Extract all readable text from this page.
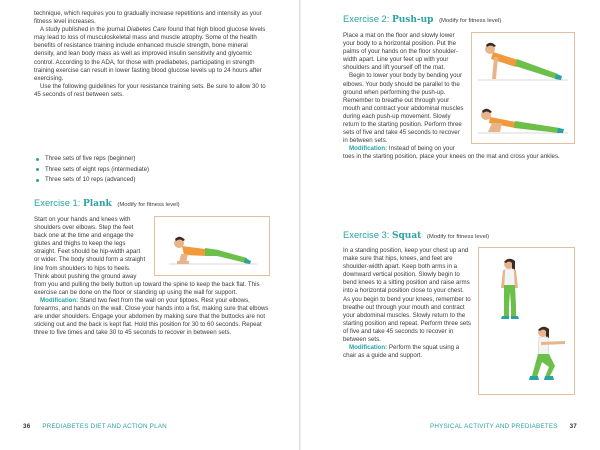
technique, which requires you to gradually increase repetitions and intensity as your fitness level increases.

A study published in the journal Diabetes Care found that high blood glucose levels may lead to loss of musculoskeletal mass and muscle atrophy. Some of the health benefits of resistance training include enhanced muscle strength, bone mineral density, and lean body mass as well as improved insulin sensitivity and glycemic control. According to the ADA, for those with prediabetes, participating in strength training exercise can result in lower fasting blood glucose levels up to 24 hours after exercising.

Use the following guidelines for your resistance training sets. Be sure to allow 30 to 45 seconds of rest between sets.

Three sets of five reps (beginner)
Three sets of eight reps (intermediate)
Three sets of 10 reps (advanced)
Exercise 1: Plank (Modify for fitness level)

Start on your hands and knees with shoulders over elbows. Step the feet back one at the time and engage the glutes and thighs to keep the legs straight. Feet should be hip-width apart or wider. The body should form a straight line from shoulders to hips to heels. Think about pushing the ground away from you and pulling the belly button up toward the spine to keep the back flat. This exercise can be done on the floor or standing up using the wall for support.

Modification: Stand two feet from the wall on your tiptoes. Rest your elbows, forearms, and hands on the wall. Close your hands into a fist, making sure that elbows are under shoulders. Engage your abdomen by making sure that the buttocks are not sticking out and the back is kept flat. Hold this position for 30 to 60 seconds. Repeat three to five times and take 30 to 45 seconds to recover in between sets.

36 PREDIABETES DIET AND ACTION PLAN
Exercise 2: Push-up (Modify for fitness level)

Place a mat on the floor and slowly lower your body to a horizontal position. Put the palms of your hands on the floor shoulder-width apart. Line your feet up with your shoulders and lift yourself off the mat.

Begin to lower your body by bending your elbows. Your body should be parallel to the ground when performing the push-up. Remember to breathe out through your mouth and contract your abdominal muscles during each push-up movement. Slowly return to the starting position. Perform three sets of five and take 45 seconds to recover in between sets.

Modification: Instead of being on your toes in the starting position, place your knees on the mat and cross your ankles.

Exercise 3: Squat (Modify for fitness level)

In a standing position, keep your chest up and make sure that hips, knees, and feet are shoulder-width apart. Keep both arms in a downward vertical position. Slowly begin to bend knees to a sitting position and raise arms into a horizontal position close to your chest. As you begin to bend your knees, remember to breathe out through your mouth and contract your abdominal muscles. Slowly return to the starting position and repeat. Perform three sets of five and take 45 seconds to recover in between sets.

Modification: Perform the squat using a chair as a guide and support.

PHYSICAL ACTIVITY AND PREDIABETES 37
